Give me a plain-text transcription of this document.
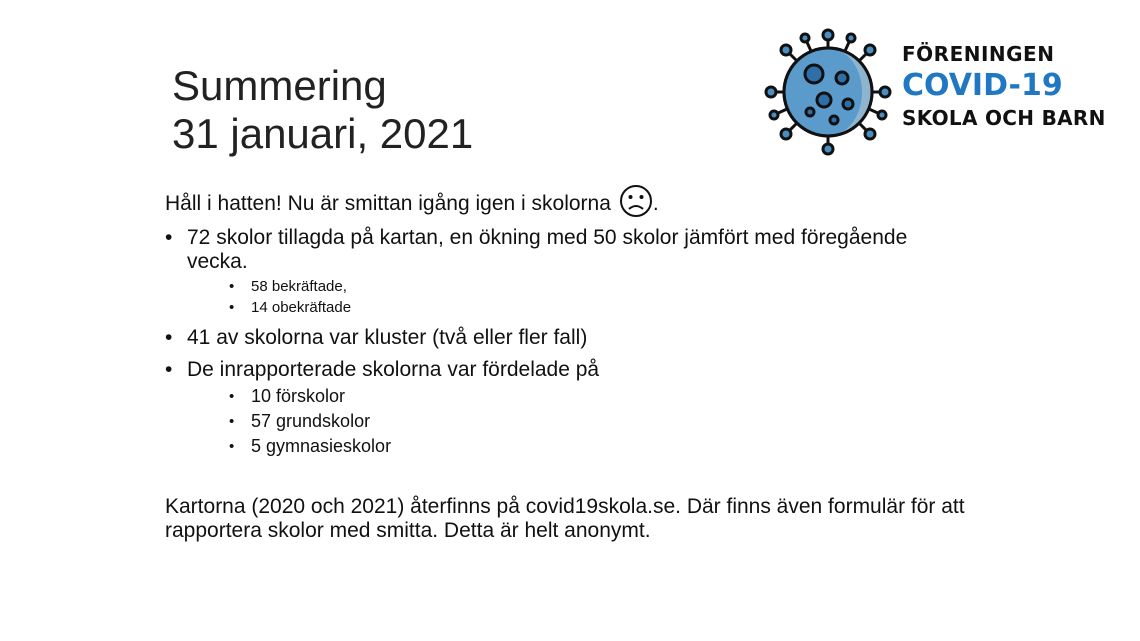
Summering
31 januari, 2021
FÖRENINGEN
COVID-19
SKOLA OCH BARN

Håll i hatten! Nu är smittan igång igen i skolorna .

• 72 skolor tillagda på kartan, en ökning med 50 skolor jämfört med föregående vecka.
• 58 bekräftade,
• 14 obekräftade
• 41 av skolorna var kluster (två eller fler fall)
• De inrapporterade skolorna var fördelade på
• 10 förskolor
• 57 grundskolor
• 5 gymnasieskolor
Kartorna (2020 och 2021) återfinns på covid19skola.se. Där finns även formulär för att rapportera skolor med smitta. Detta är helt anonymt.
